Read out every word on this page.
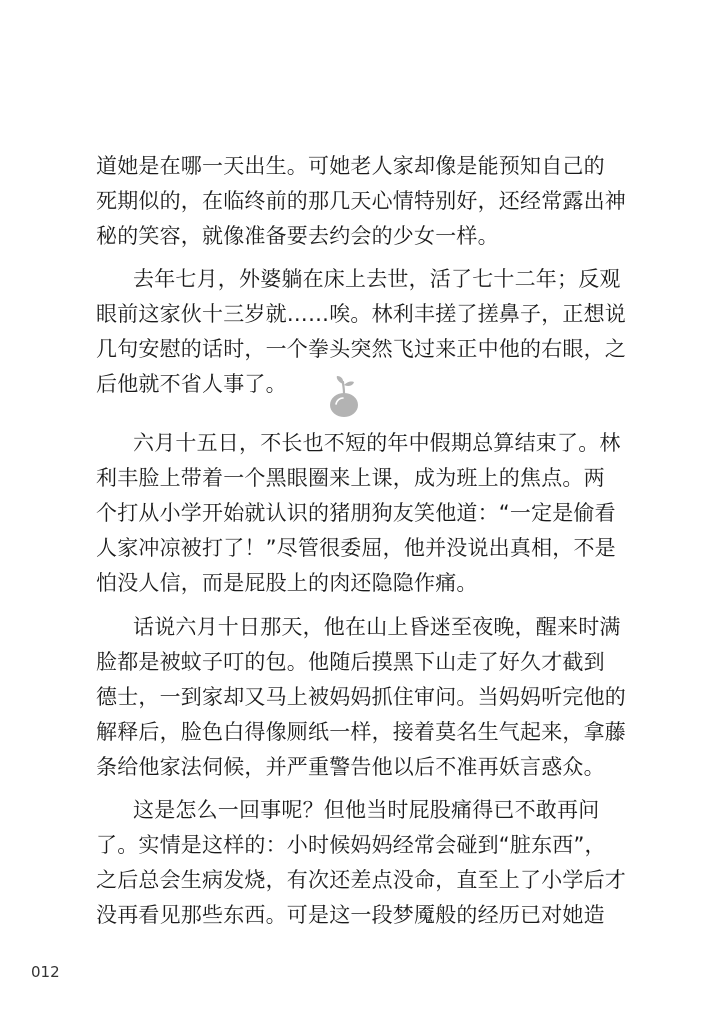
道她是在哪一天出生。可她老人家却像是能预知自己的
死期似的，在临终前的那几天心情特别好，还经常露出神
秘的笑容，就像准备要去约会的少女一样。
去年七月，外婆躺在床上去世，活了七十二年；反观
眼前这家伙十三岁就……唉。林利丰搓了搓鼻子，正想说
几句安慰的话时，一个拳头突然飞过来正中他的右眼，之
后他就不省人事了。
六月十五日，不长也不短的年中假期总算结束了。林
利丰脸上带着一个黑眼圈来上课，成为班上的焦点。两
个打从小学开始就认识的猪朋狗友笑他道：“一定是偷看
人家冲凉被打了！”尽管很委屈，他并没说出真相，不是
怕没人信，而是屁股上的肉还隐隐作痛。
话说六月十日那天，他在山上昏迷至夜晚，醒来时满
脸都是被蚊子叮的包。他随后摸黑下山走了好久才截到
德士，一到家却又马上被妈妈抓住审问。当妈妈听完他的
解释后，脸色白得像厕纸一样，接着莫名生气起来，拿藤
条给他家法伺候，并严重警告他以后不准再妖言惑众。
这是怎么一回事呢？但他当时屁股痛得已不敢再问
了。实情是这样的：小时候妈妈经常会碰到“脏东西”，
之后总会生病发烧，有次还差点没命，直至上了小学后才
没再看见那些东西。可是这一段梦魇般的经历已对她造
012
